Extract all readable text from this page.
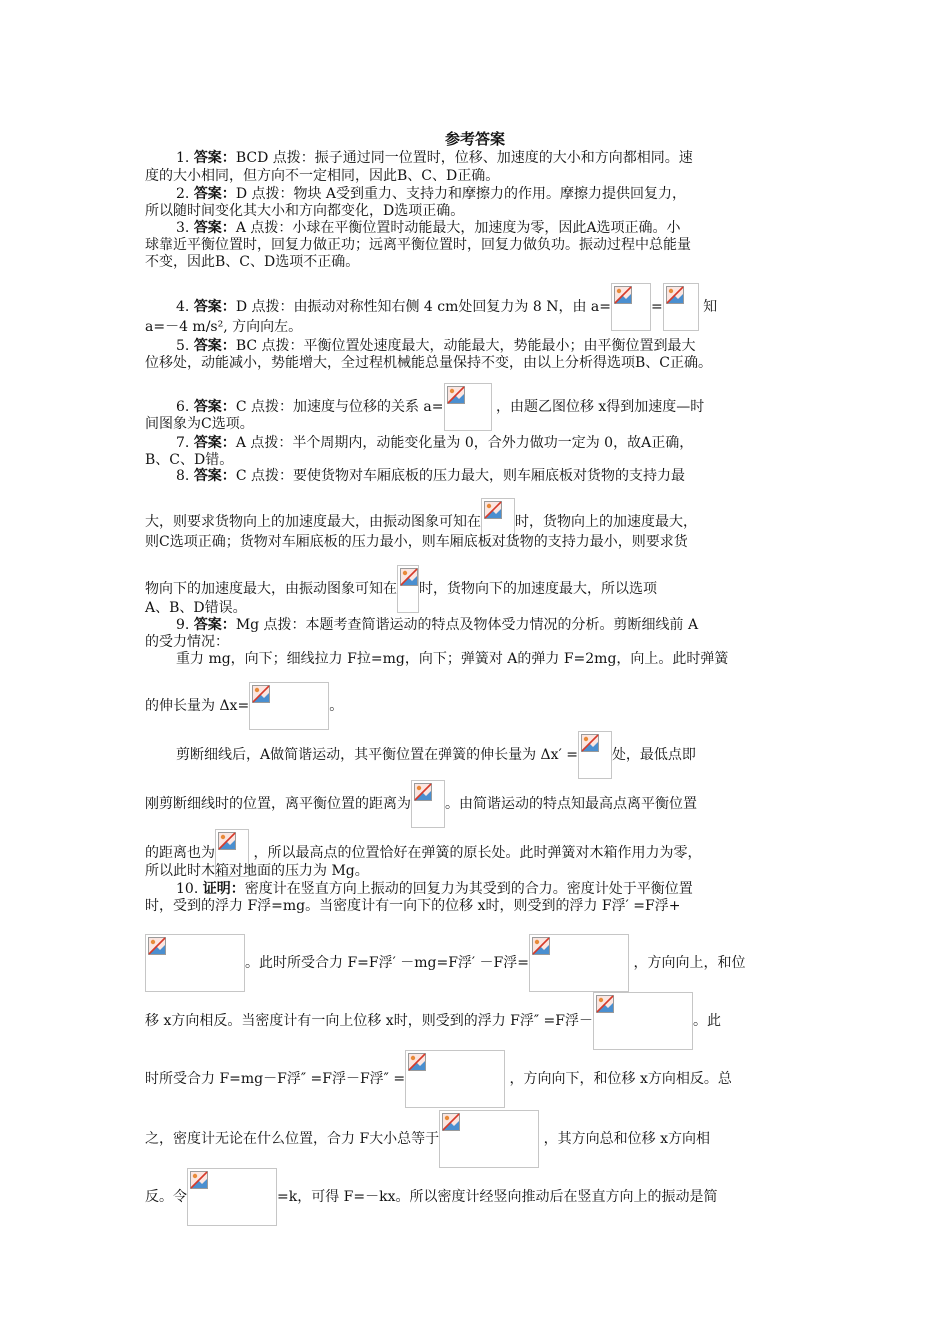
参考答案
1. 答案：BCD 点拨：振子通过同一位置时，位移、加速度的大小和方向都相同。速
度的大小相同，但方向不一定相同，因此B、C、D正确。
2. 答案：D 点拨：物块 A受到重力、支持力和摩擦力的作用。摩擦力提供回复力，
所以随时间变化其大小和方向都变化，D选项正确。
3. 答案：A 点拨：小球在平衡位置时动能最大，加速度为零，因此A选项正确。小
球靠近平衡位置时，回复力做正功；远离平衡位置时，回复力做负功。振动过程中总能量
不变，因此B、C、D选项不正确。
4. 答案：D 点拨：由振动对称性知右侧 4 cm处回复力为 8 N，由 a=	=	知
a=－4 m/s², 方向向左。
5. 答案：BC 点拨：平衡位置处速度最大，动能最大，势能最小；由平衡位置到最大
位移处，动能减小，势能增大，全过程机械能总量保持不变，由以上分析得选项B、C正确。
6. 答案：C 点拨：加速度与位移的关系 a=	，由题乙图位移 x得到加速度—时
间图象为C选项。
7. 答案：A 点拨：半个周期内，动能变化量为 0，合外力做功一定为 0，故A正确，
B、C、D错。
8. 答案：C 点拨：要使货物对车厢底板的压力最大，则车厢底板对货物的支持力最
大，则要求货物向上的加速度最大，由振动图象可知在 时，货物向上的加速度最大，
则C选项正确；货物对车厢底板的压力最小，则车厢底板对货物的支持力最小，则要求货
物向下的加速度最大，由振动图象可知在 时，货物向下的加速度最大，所以选项
A、B、D错误。
9. 答案：Mg 点拨：本题考查简谐运动的特点及物体受力情况的分析。剪断细线前 A
的受力情况：
重力 mg，向下；细线拉力 F拉=mg，向下；弹簧对 A的弹力 F=2mg，向上。此时弹簧
的伸长量为 Δx=	。
剪断细线后，A做简谐运动，其平衡位置在弹簧的伸长量为 Δx′ = 处，最低点即
刚剪断细线时的位置，离平衡位置的距离为 。由简谐运动的特点知最高点离平衡位置
的距离也为
，所以最高点的位置恰好在弹簧的原长处。此时弹簧对木箱作用力为零，
所以此时木箱对地面的压力为 Mg。
10. 证明：密度计在竖直方向上振动的回复力为其受到的合力。密度计处于平衡位置
时，受到的浮力 F浮=mg。当密度计有一向下的位移 x时，则受到的浮力 F浮′ =F浮+
。此时所受合力 F=F浮′ －mg=F浮′ －F浮=	，方向向上，和位
移 x方向相反。当密度计有一向上位移 x时，则受到的浮力 F浮″ =F浮－	。此
时所受合力 F=mg－F浮″ =F浮－F浮″ =	，方向向下，和位移 x方向相反。总
之，密度计无论在什么位置，合力 F大小总等于	，其方向总和位移 x方向相
反。令	=k，可得 F=－kx。所以密度计经竖向推动后在竖直方向上的振动是简
